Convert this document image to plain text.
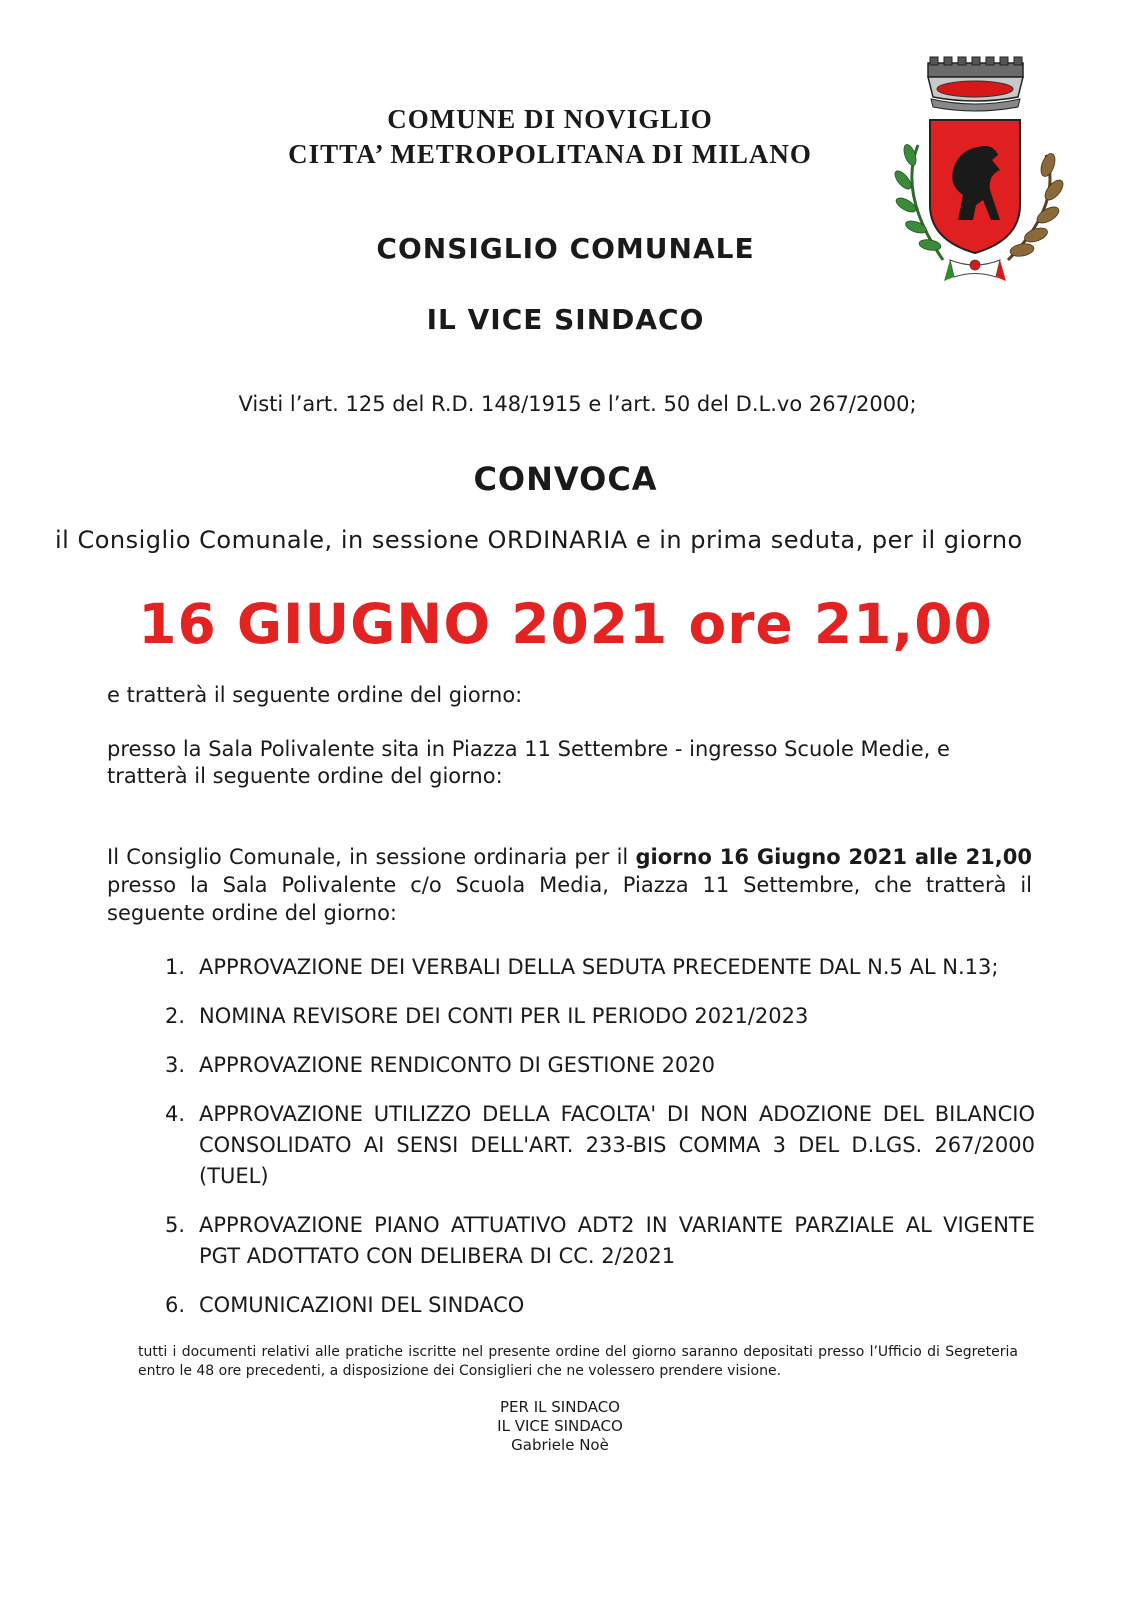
COMUNE DI NOVIGLIO
CITTA’ METROPOLITANA DI MILANO
CONSIGLIO COMUNALE
IL VICE SINDACO
Visti l’art. 125 del R.D. 148/1915 e l’art. 50 del D.L.vo 267/2000;
CONVOCA
il Consiglio Comunale, in sessione ORDINARIA e in prima seduta, per il giorno
16 GIUGNO 2021 ore 21,00
e tratterà il seguente ordine del giorno:
presso la Sala Polivalente sita in Piazza 11 Settembre - ingresso Scuole Medie, e tratterà il seguente ordine del giorno:
Il Consiglio Comunale, in sessione ordinaria per il giorno 16 Giugno 2021 alle 21,00 presso la Sala Polivalente c/o Scuola Media, Piazza 11 Settembre, che tratterà il seguente ordine del giorno:
1. APPROVAZIONE DEI VERBALI DELLA SEDUTA PRECEDENTE DAL N.5 AL N.13;
2. NOMINA REVISORE DEI CONTI PER IL PERIODO 2021/2023
3. APPROVAZIONE RENDICONTO DI GESTIONE 2020
4. APPROVAZIONE UTILIZZO DELLA FACOLTA' DI NON ADOZIONE DEL BILANCIO CONSOLIDATO AI SENSI DELL'ART. 233-BIS COMMA 3 DEL D.LGS. 267/2000 (TUEL)
5. APPROVAZIONE PIANO ATTUATIVO ADT2 IN VARIANTE PARZIALE AL VIGENTE PGT ADOTTATO CON DELIBERA DI CC. 2/2021
6. COMUNICAZIONI DEL SINDACO
tutti i documenti relativi alle pratiche iscritte nel presente ordine del giorno saranno depositati presso l’Ufficio di Segreteria entro le 48 ore precedenti, a disposizione dei Consiglieri che ne volessero prendere visione.
PER IL SINDACO
IL VICE SINDACO
Gabriele Noè
